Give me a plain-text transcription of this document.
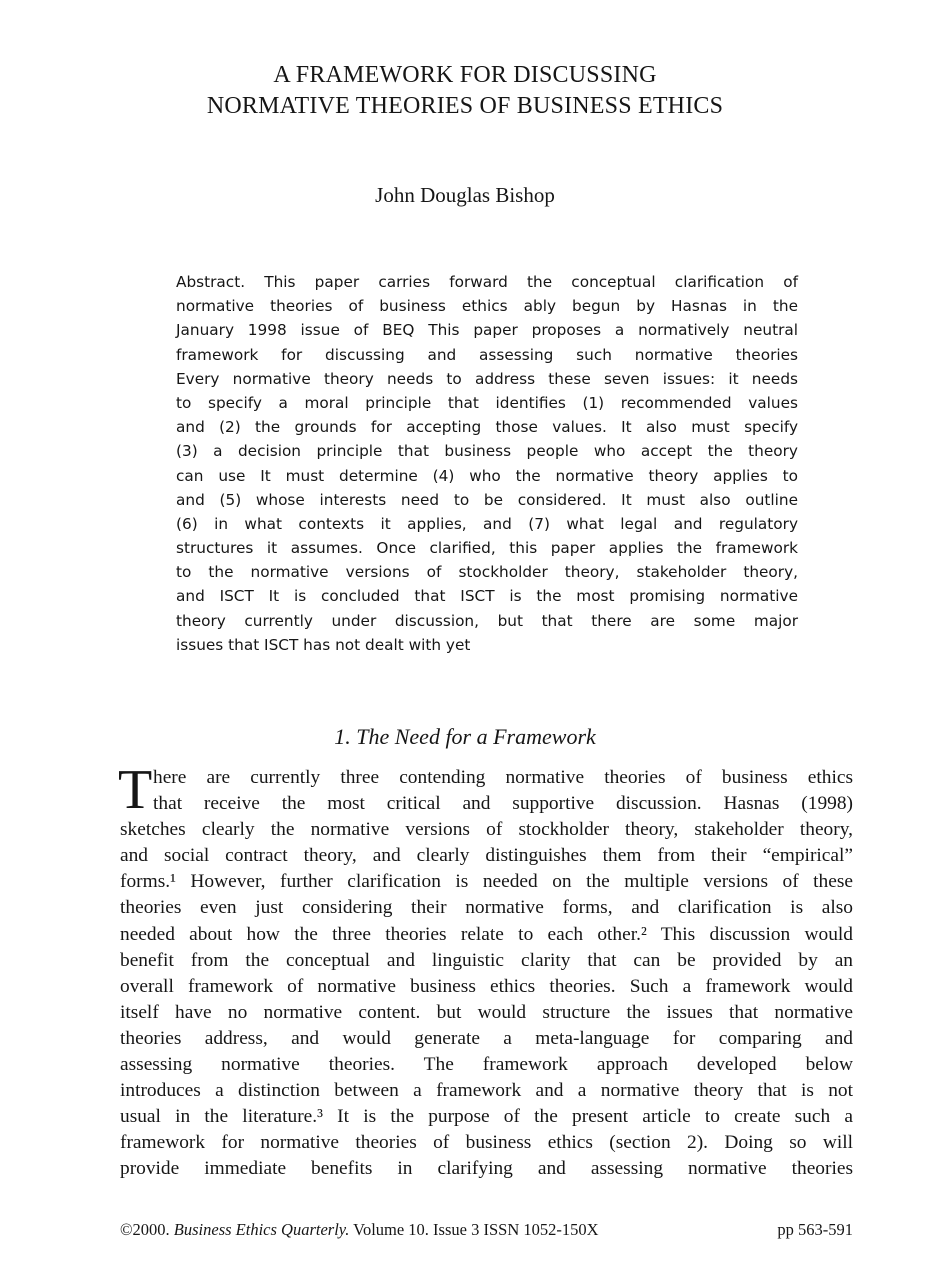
A FRAMEWORK FOR DISCUSSING
NORMATIVE THEORIES OF BUSINESS ETHICS
John Douglas Bishop
Abstract. This paper carries forward the conceptual clarification of
normative theories of business ethics ably begun by Hasnas in the
January 1998 issue of BEQ This paper proposes a normatively neutral
framework for discussing and assessing such normative theories
Every normative theory needs to address these seven issues: it needs
to specify a moral principle that identifies (1) recommended values
and (2) the grounds for accepting those values. It also must specify
(3) a decision principle that business people who accept the theory
can use It must determine (4) who the normative theory applies to
and (5) whose interests need to be considered. It must also outline
(6) in what contexts it applies, and (7) what legal and regulatory
structures it assumes. Once clarified, this paper applies the framework
to the normative versions of stockholder theory, stakeholder theory,
and ISCT It is concluded that ISCT is the most promising normative
theory currently under discussion, but that there are some major
issues that ISCT has not dealt with yet
1. The Need for a Framework
T here are currently three contending normative theories of business ethics
that receive the most critical and supportive discussion. Hasnas (1998)
sketches clearly the normative versions of stockholder theory, stakeholder theory,
and social contract theory, and clearly distinguishes them from their “empirical”
forms.¹ However, further clarification is needed on the multiple versions of these
theories even just considering their normative forms, and clarification is also
needed about how the three theories relate to each other.² This discussion would
benefit from the conceptual and linguistic clarity that can be provided by an
overall framework of normative business ethics theories. Such a framework would
itself have no normative content. but would structure the issues that normative
theories address, and would generate a meta-language for comparing and
assessing normative theories. The framework approach developed below
introduces a distinction between a framework and a normative theory that is not
usual in the literature.³ It is the purpose of the present article to create such a
framework for normative theories of business ethics (section 2). Doing so will
provide immediate benefits in clarifying and assessing normative theories
©2000. Business Ethics Quarterly. Volume 10. Issue 3 ISSN 1052-150X	pp 563-591
